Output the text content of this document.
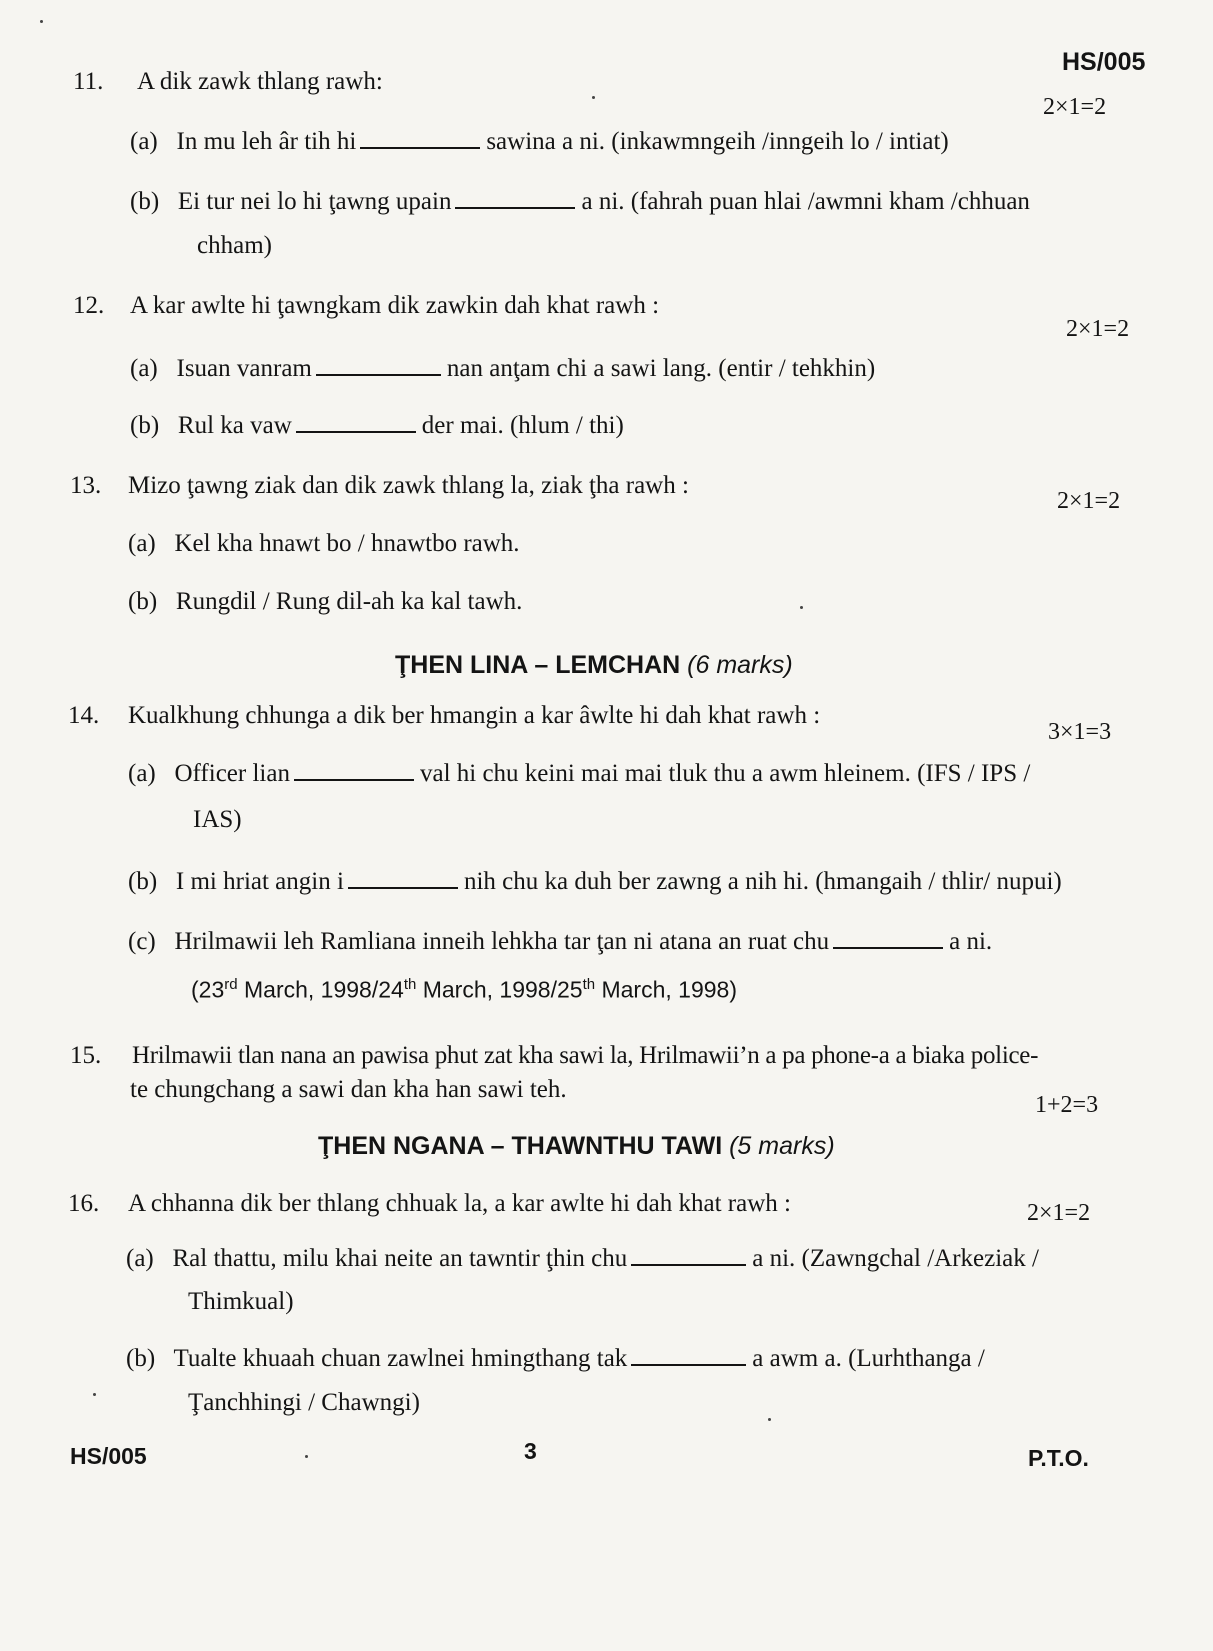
HS/005
11. A dik zawk thlang rawh:
2×1=2
(a) In mu leh âr tih hi	sawina a ni. (inkawmngeih /inngeih lo / intiat)
(b) Ei tur nei lo hi ţawng upain	a ni. (fahrah puan hlai /awmni kham /chhuan
chham)
12. A kar awlte hi ţawngkam dik zawkin dah khat rawh :
2×1=2
(a) Isuan vanram	nan anţam chi a sawi lang. (entir / tehkhin)
(b) Rul ka vaw	der mai. (hlum / thi)
13. Mizo ţawng ziak dan dik zawk thlang la, ziak ţha rawh :
2×1=2
(a) Kel kha hnawt bo / hnawtbo rawh.
(b) Rungdil / Rung dil-ah ka kal tawh.
ŢHEN LINA – LEMCHAN (6 marks)
14. Kualkhung chhunga a dik ber hmangin a kar âwlte hi dah khat rawh :
3×1=3
(a) Officer lian	val hi chu keini mai mai tluk thu a awm hleinem. (IFS / IPS /
IAS)
(b) I mi hriat angin i	nih chu ka duh ber zawng a nih hi. (hmangaih / thlir/ nupui)
(c) Hrilmawii leh Ramliana inneih lehkha tar ţan ni atana an ruat chu	a ni.
(23rd March, 1998/24th March, 1998/25th March, 1998)
15. Hrilmawii tlan nana an pawisa phut zat kha sawi la, Hrilmawii’n a pa phone-a a biaka police-
te chungchang a sawi dan kha han sawi teh.
1+2=3
ŢHEN NGANA – THAWNTHU TAWI (5 marks)
16. A chhanna dik ber thlang chhuak la, a kar awlte hi dah khat rawh :	2×1=2
(a) Ral thattu, milu khai neite an tawntir ţhin chu	a ni. (Zawngchal /Arkeziak /
Thimkual)
(b) Tualte khuaah chuan zawlnei hmingthang tak	a awm a. (Lurhthanga /
Ţanchhingi / Chawngi)
HS/005	3	P.T.O.
